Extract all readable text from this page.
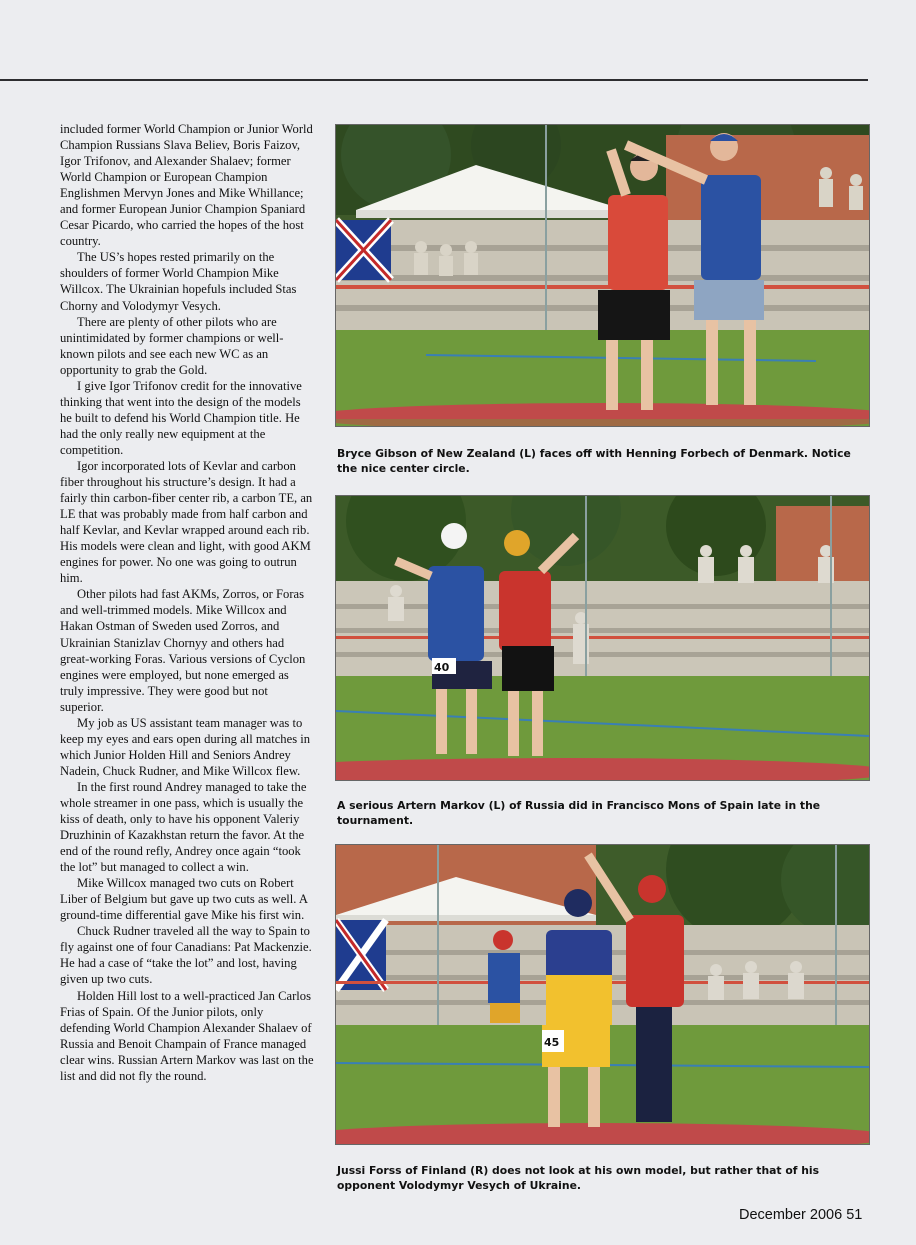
included former World Champion or Junior World Champion Russians Slava Believ, Boris Faizov, Igor Trifonov, and Alexander Shalaev; former World Champion or European Champion Englishmen Mervyn Jones and Mike Whillance; and former European Junior Champion Spaniard Cesar Picardo, who carried the hopes of the host country.

The US’s hopes rested primarily on the shoulders of former World Champion Mike Willcox. The Ukrainian hopefuls included Stas Chorny and Volodymyr Vesych.

There are plenty of other pilots who are unintimidated by former champions or well-known pilots and see each new WC as an opportunity to grab the Gold.

I give Igor Trifonov credit for the innovative thinking that went into the design of the models he built to defend his World Champion title. He had the only really new equipment at the competition.

Igor incorporated lots of Kevlar and carbon fiber throughout his structure’s design. It had a fairly thin carbon-fiber center rib, a carbon TE, an LE that was probably made from half carbon and half Kevlar, and Kevlar wrapped around each rib. His models were clean and light, with good AKM engines for power. No one was going to outrun him.

Other pilots had fast AKMs, Zorros, or Foras and well-trimmed models. Mike Willcox and Hakan Ostman of Sweden used Zorros, and Ukrainian Stanizlav Chornyy and others had great-working Foras. Various versions of Cyclon engines were employed, but none emerged as truly impressive. They were good but not superior.

My job as US assistant team manager was to keep my eyes and ears open during all matches in which Junior Holden Hill and Seniors Andrey Nadein, Chuck Rudner, and Mike Willcox flew.

In the first round Andrey managed to take the whole streamer in one pass, which is usually the kiss of death, only to have his opponent Valeriy Druzhinin of Kazakhstan return the favor. At the end of the round refly, Andrey once again “took the lot” but managed to collect a win.

Mike Willcox managed two cuts on Robert Liber of Belgium but gave up two cuts as well. A ground-time differential gave Mike his first win.

Chuck Rudner traveled all the way to Spain to fly against one of four Canadians: Pat Mackenzie. He had a case of “take the lot” and lost, having given up two cuts.

Holden Hill lost to a well-practiced Jan Carlos Frias of Spain. Of the Junior pilots, only defending World Champion Alexander Shalaev of Russia and Benoit Champain of France managed clear wins. Russian Artern Markov was last on the list and did not fly the round.

Bryce Gibson of New Zealand (L) faces off with Henning Forbech of Denmark. Notice the nice center circle.
40
A serious Artern Markov (L) of Russia did in Francisco Mons of Spain late in the tournament.
45
Jussi Forss of Finland (R) does not look at his own model, but rather that of his opponent Volodymyr Vesych of Ukraine.
December 2006 51
